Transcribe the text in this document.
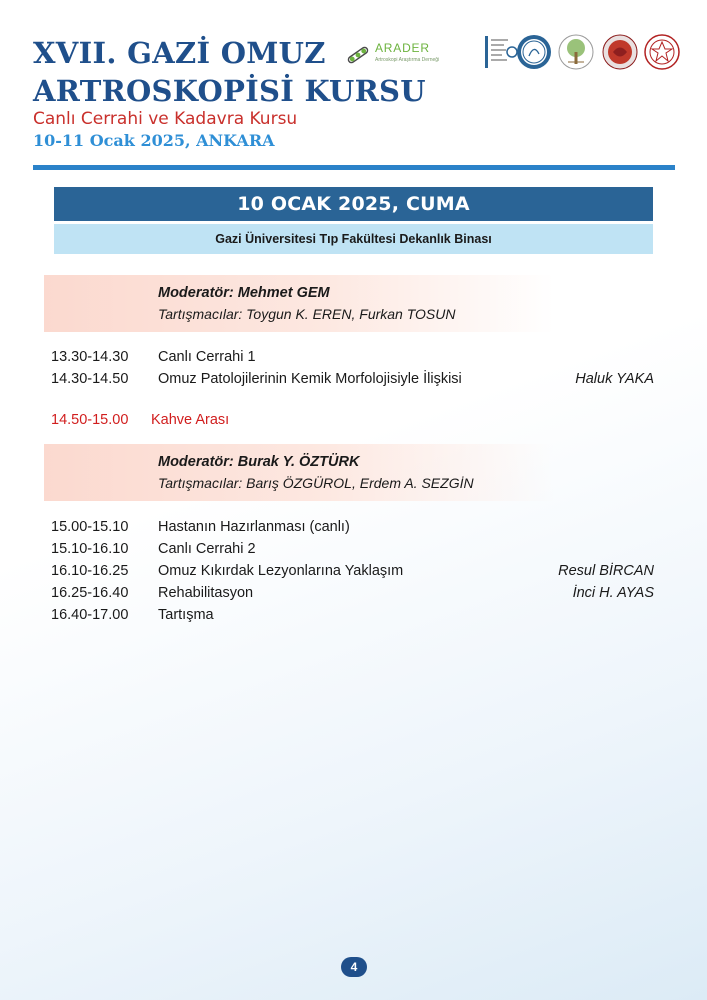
XVII. GAZİ OMUZ
ARTROSKOPİSİ KURSU
Canlı Cerrahi ve Kadavra Kursu
10-11 Ocak 2025, ANKARA
ARADER
Artroskopi Araştırma Derneği
10 OCAK 2025, CUMA
Gazi Üniversitesi Tıp Fakültesi Dekanlık Binası
Moderatör: Mehmet GEM
Tartışmacılar: Toygun K. EREN, Furkan TOSUN
13.30-14.30 Canlı Cerrahi 1
14.30-14.50 Omuz Patolojilerinin Kemik Morfolojisiyle İlişkisi	Haluk YAKA
14.50-15.00 Kahve Arası
Moderatör: Burak Y. ÖZTÜRK
Tartışmacılar: Barış ÖZGÜROL, Erdem A. SEZGİN
15.00-15.10 Hastanın Hazırlanması (canlı)
15.10-16.10 Canlı Cerrahi 2
16.10-16.25 Omuz Kıkırdak Lezyonlarına Yaklaşım	Resul BİRCAN
16.25-16.40 Rehabilitasyon	İnci H. AYAS
16.40-17.00 Tartışma
4
